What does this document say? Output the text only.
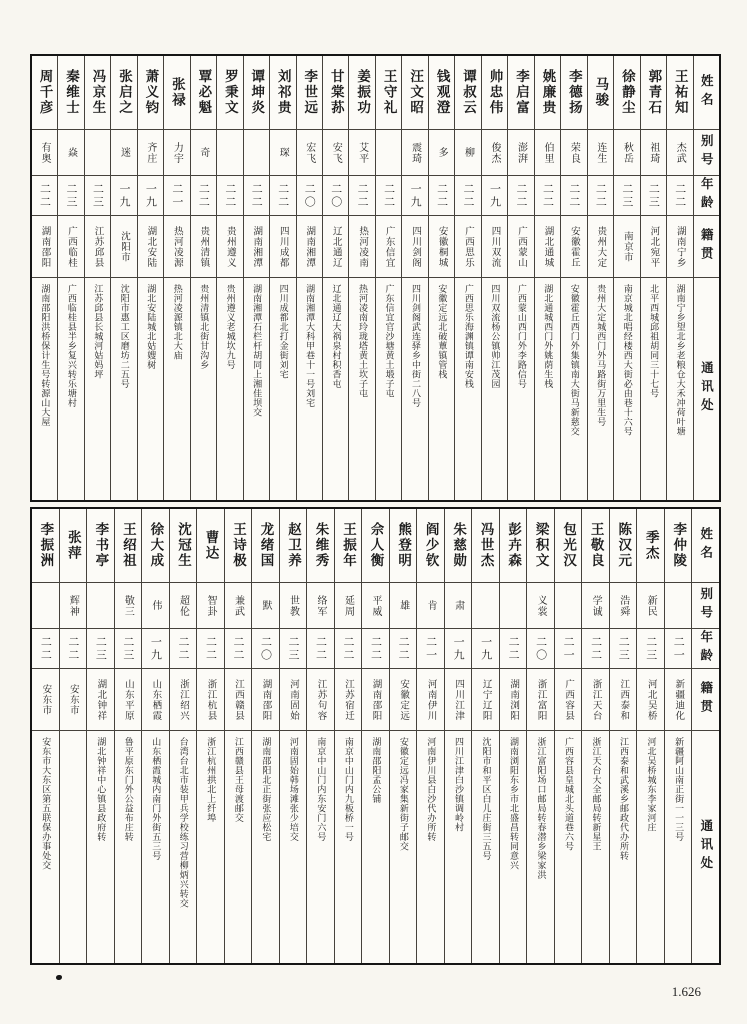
姓名
别号
年龄
籍贯
通讯处
王祐知
杰武
二二
湖南宁乡
湖南宁乡望北乡老粮仓大禾冲荷叶塘
郭青石
祖琦
二三
河北宛平
北平西城邱祖胡同三十七号
徐静尘
秋岳
二三
南京市
南京城北唱经楼西大街必由巷十六号
马骏
连生
二二
贵州大定
贵州大定城西门外马路街万里生号
李德扬
荣良
二二
安徽霍丘
安徽霍丘西门外集镇南大街马新慈交
姚廉贵
伯里
二二
湖北通城
湖北通城西门外姚荫生栈
李启富
澎湃
二二
广西蒙山
广西蒙山西门外李路信号
帅忠伟
俊杰
一九
四川双流
四川双流杨公镇帅江茂园
谭叔云
柳
二二
广西思乐
广西思乐海渊镇谭南安栈
钱观澄
多
二二
安徽桐城
安徽定远北破蕈镇管栈
汪文昭
震琦
一九
四川剑阁
四川剑阁武连驿乡中街二八号
王守礼
二二
广东信宜
广东信宜官沙塘黄土塅子屯
姜振功
艾平
二二
热河凌南
热河凌南玲珑塔黄土坎子屯
甘棠荪
安飞
二〇
辽北通辽
辽北通辽大祸泉村积香屯
李世远
宏飞
二〇
湖南湘潭
湖南湘潭大科甲巷十一号刘宅
刘祁贵
琛
二二
四川成都
四川成都北打金街刘宅
谭坤炎
二二
湖南湘潭
湖南湘潭石栏杆胡同上湘佳坝交
罗秉文
二二
贵州遵义
贵州遵义老城坎九号
覃必魁
奇
二二
贵州清镇
贵州清镇北街甘沟乡
张禄
力宇
二一
热河凌源
热河凌源镇北大庙
萧义钧
齐庄
一九
湖北安陆
湖北安陆城北姑嫂树
张启之
迷
一九
沈阳市
沈阳市惠工区磨坊二五号
冯京生
二三
江苏邱县
江苏邱县长城河姑妈坪
秦维士
焱
二三
广西临桂
广西临桂县半乡复兴转乐塘村
周千彦
有奥
二二
湖南邵阳
湖南邵阳洪桥保计生号转源山大屋
姓名
别号
年龄
籍贯
通讯处
李仲陵
二一
新疆迪化
新疆阿山南正街一一三号
季杰
新民
二三
河北吴桥
河北吴桥城东李家河庄
陈汉元
浩舜
二三
江西泰和
江西泰和武溪乡邮政代办所转
王敬良
学诚
二二
浙江天台
浙江天台大全邮局转新星王
包光汉
二一
广西容县
广西容县皇城北头道巷六号
梁积文
义裳
二〇
浙江富阳
浙江富阳场口邮局转春潜乡梁家洪
彭卉森
二二
湖南浏阳
湖南浏阳东乡市北盛昌转同意兴
冯世杰
一九
辽宁辽阳
沈阳市和平区白儿庄街三五号
朱慈勋
肃
一九
四川江津
四川江津白沙镇调岭村
阎少钦
肯
二一
河南伊川
河南伊川县白沙代办所转
熊登明
雄
二二
安徽定远
安徽定远冯家集新街子邮交
佘人衡
平威
二二
湖南邵阳
湖南邵阳孟公铺
王振年
延周
二二
江苏宿迁
南京中山门内九板桥一号
朱维秀
络军
二二
江苏句容
南京中山门内东安门六号
赵卫养
世教
二三
河南固始
河南固始韩场滩张少培交
龙绪国
默
二〇
湖南邵阳
湖南邵阳北正街张应松宅
王诗极
兼武
二二
江西赣县
江西赣县王母渡邮交
曹达
智卦
二二
浙江杭县
浙江杭州拱北上纤埠
沈冠生
超伦
二二
浙江绍兴
台湾台北市装甲兵学校练习营柳炳兴转交
徐大成
伟
一九
山东栖霞
山东栖霞城内南门外街五三号
王绍祖
敬三
二三
山东平原
鲁平原东门外公益布庄转
李书亭
二三
湖北钟祥
湖北钟祥中心镇县政府转
张萍
辉神
二二
安东市
李振洲
二二
安东市
安东市大东区第五联保办事处交
1.626
